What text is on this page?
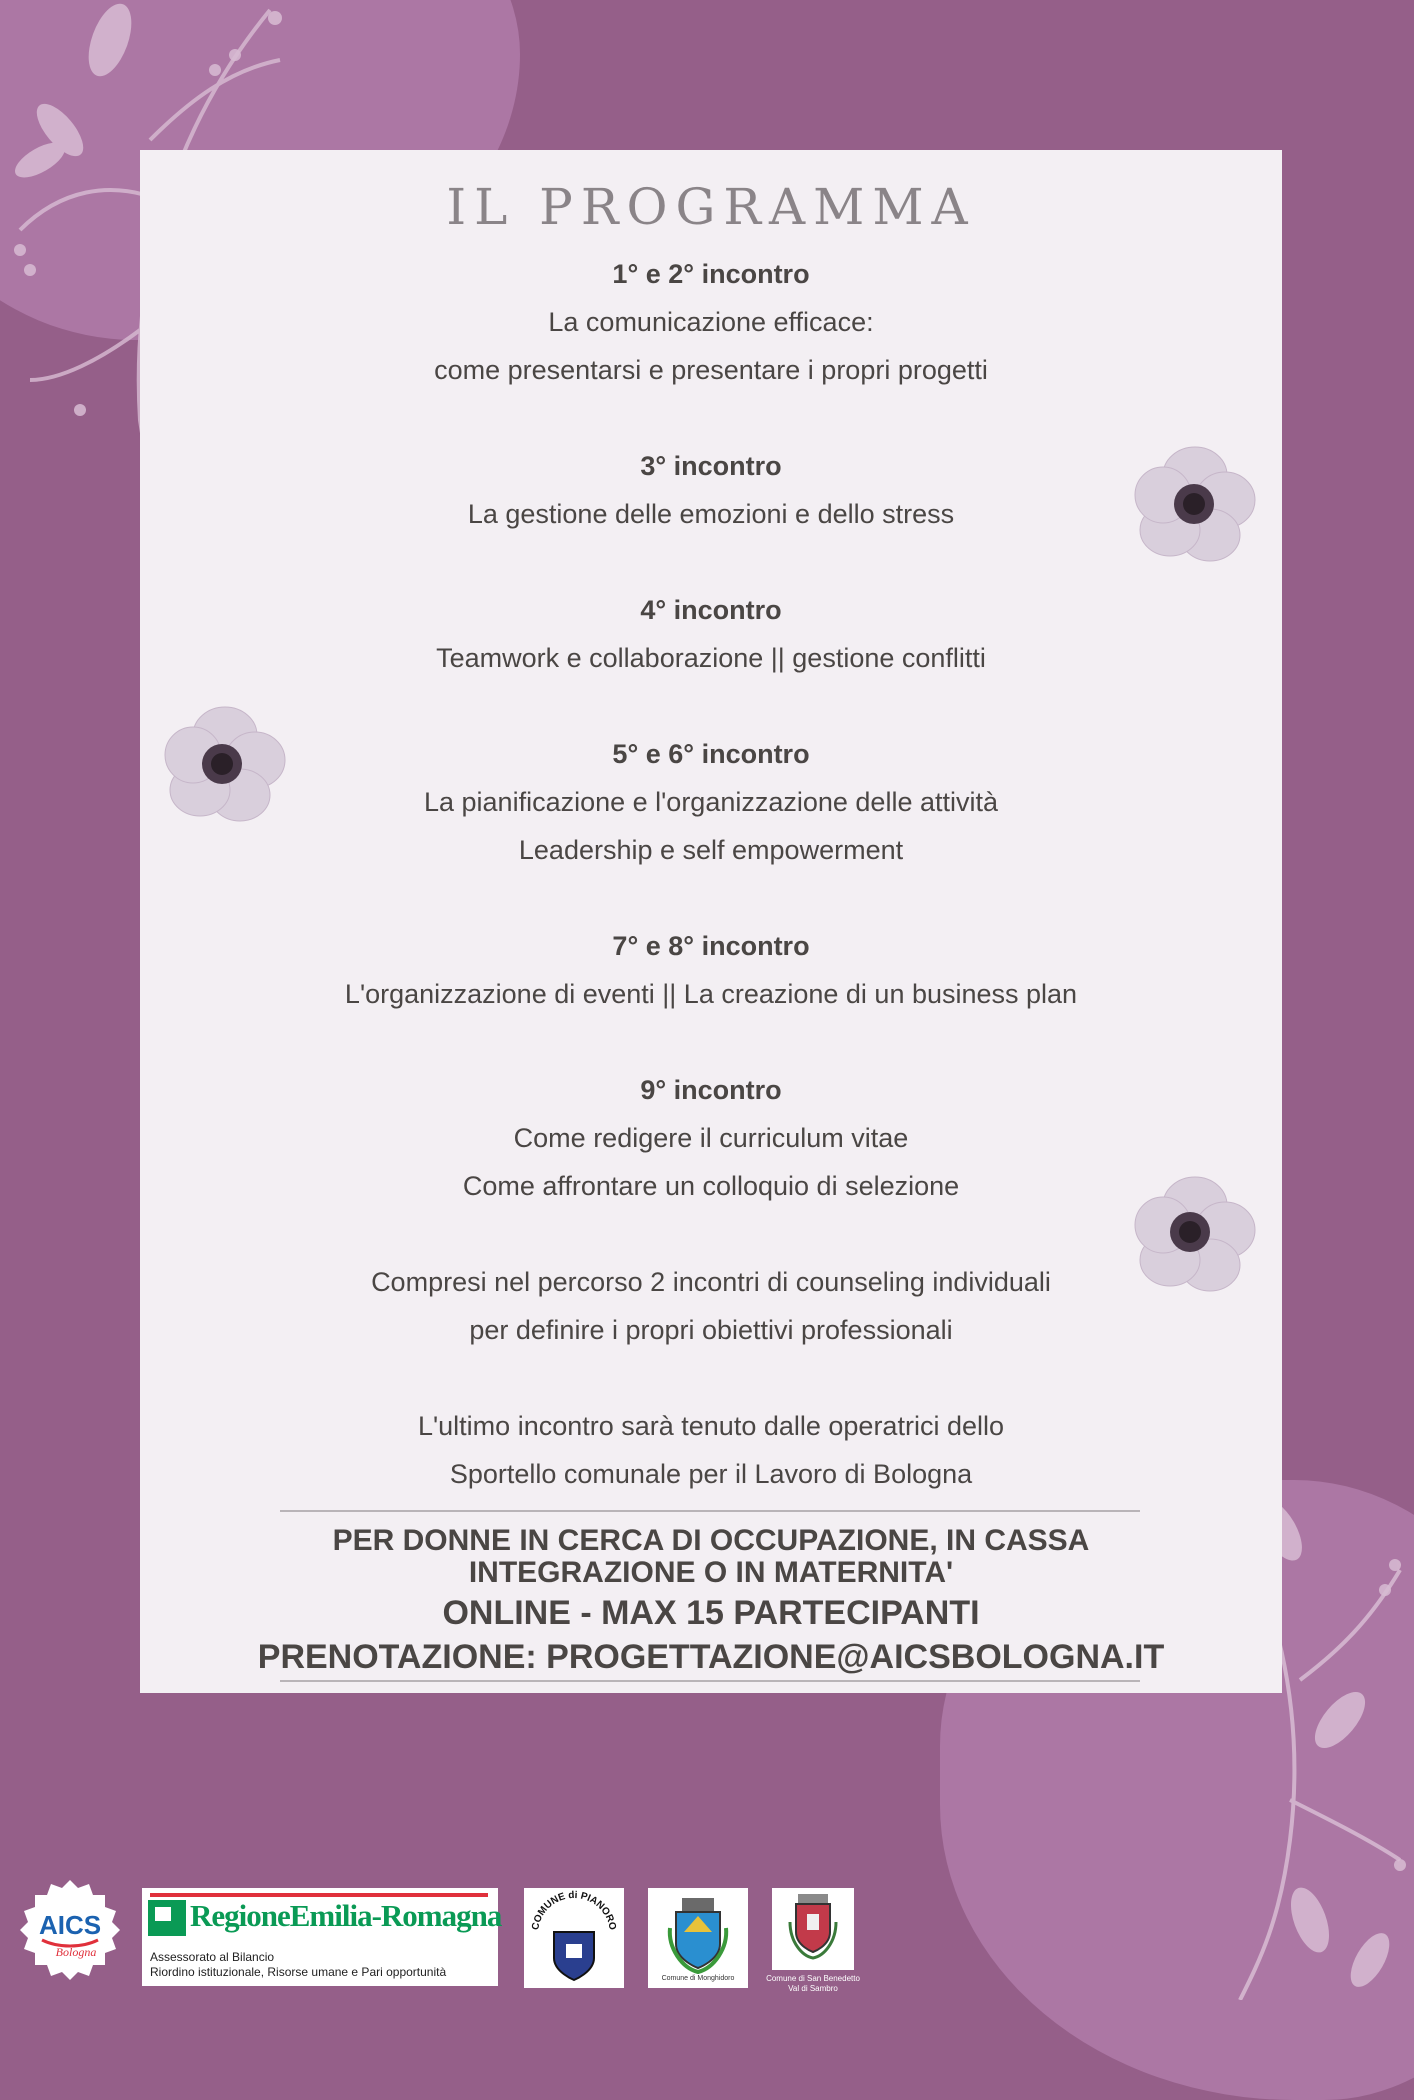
IL PROGRAMMA
1° e 2° incontro
La comunicazione efficace:
come presentarsi e presentare i propri progetti
3° incontro
La gestione delle emozioni e dello stress
4° incontro
Teamwork e collaborazione || gestione conflitti
5° e 6° incontro
La pianificazione e l'organizzazione delle attività
Leadership e self empowerment
7° e 8° incontro
L'organizzazione di eventi || La creazione di un business plan
9° incontro
Come redigere il curriculum vitae
Come affrontare un colloquio di selezione
Compresi nel percorso 2 incontri di counseling individuali
per definire i propri obiettivi professionali
L'ultimo incontro sarà tenuto dalle operatrici dello
Sportello comunale per il Lavoro di Bologna
PER DONNE IN CERCA DI OCCUPAZIONE, IN CASSA INTEGRAZIONE O IN MATERNITA'
ONLINE - MAX 15 PARTECIPANTI
PRENOTAZIONE: PROGETTAZIONE@AICSBOLOGNA.IT
AICS
Bologna
RegioneEmilia-Romagna
Assessorato al Bilancio
Riordino istituzionale, Risorse umane e Pari opportunità
COMUNE di PIANORO
Comune di Monghidoro	Comune di San Benedetto Val di Sambro
